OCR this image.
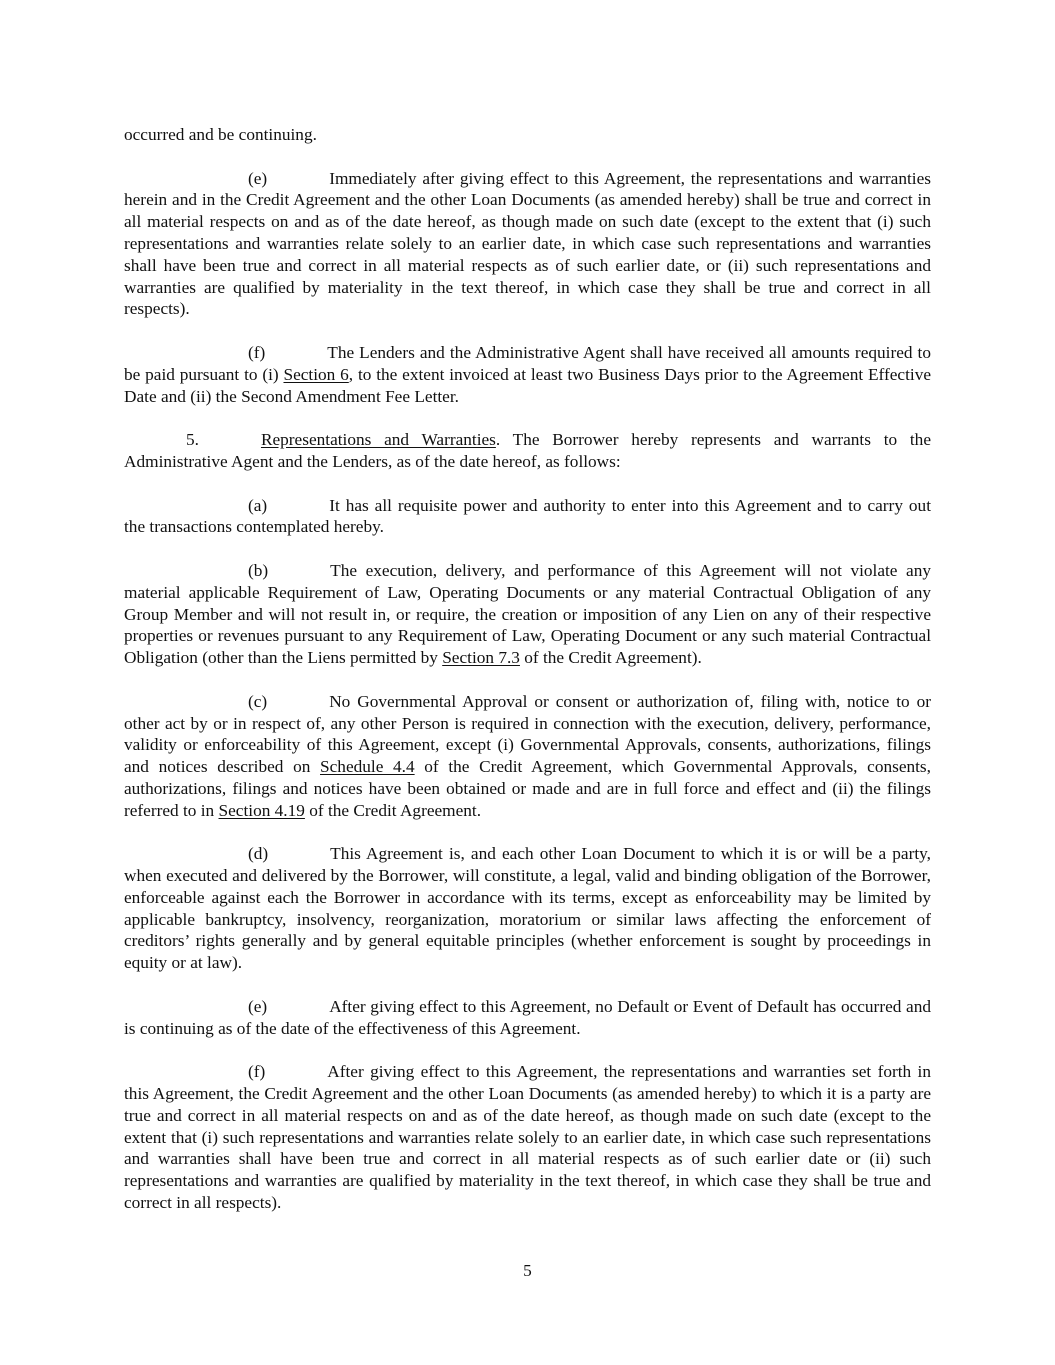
occurred and be continuing.

(e)	Immediately after giving effect to this Agreement, the representations and warranties herein and in the Credit Agreement and the other Loan Documents (as amended hereby) shall be true and correct in all material respects on and as of the date hereof, as though made on such date (except to the extent that (i) such representations and warranties relate solely to an earlier date, in which case such representations and warranties shall have been true and correct in all material respects as of such earlier date, or (ii) such representations and warranties are qualified by materiality in the text thereof, in which case they shall be true and correct in all respects).

(f)	The Lenders and the Administrative Agent shall have received all amounts required to be paid pursuant to (i) Section 6, to the extent invoiced at least two Business Days prior to the Agreement Effective Date and (ii) the Second Amendment Fee Letter.

5.	Representations and Warranties. The Borrower hereby represents and warrants to the Administrative Agent and the Lenders, as of the date hereof, as follows:

(a)	It has all requisite power and authority to enter into this Agreement and to carry out the transactions contemplated hereby.

(b)	The execution, delivery, and performance of this Agreement will not violate any material applicable Requirement of Law, Operating Documents or any material Contractual Obligation of any Group Member and will not result in, or require, the creation or imposition of any Lien on any of their respective properties or revenues pursuant to any Requirement of Law, Operating Document or any such material Contractual Obligation (other than the Liens permitted by Section 7.3 of the Credit Agreement).

(c)	No Governmental Approval or consent or authorization of, filing with, notice to or other act by or in respect of, any other Person is required in connection with the execution, delivery, performance, validity or enforceability of this Agreement, except (i) Governmental Approvals, consents, authorizations, filings and notices described on Schedule 4.4 of the Credit Agreement, which Governmental Approvals, consents, authorizations, filings and notices have been obtained or made and are in full force and effect and (ii) the filings referred to in Section 4.19 of the Credit Agreement.

(d)	This Agreement is, and each other Loan Document to which it is or will be a party, when executed and delivered by the Borrower, will constitute, a legal, valid and binding obligation of the Borrower, enforceable against each the Borrower in accordance with its terms, except as enforceability may be limited by applicable bankruptcy, insolvency, reorganization, moratorium or similar laws affecting the enforcement of creditors’ rights generally and by general equitable principles (whether enforcement is sought by proceedings in equity or at law).

(e)	After giving effect to this Agreement, no Default or Event of Default has occurred and is continuing as of the date of the effectiveness of this Agreement.

(f)	After giving effect to this Agreement, the representations and warranties set forth in this Agreement, the Credit Agreement and the other Loan Documents (as amended hereby) to which it is a party are true and correct in all material respects on and as of the date hereof, as though made on such date (except to the extent that (i) such representations and warranties relate solely to an earlier date, in which case such representations and warranties shall have been true and correct in all material respects as of such earlier date or (ii) such representations and warranties are qualified by materiality in the text thereof, in which case they shall be true and correct in all respects).

5
